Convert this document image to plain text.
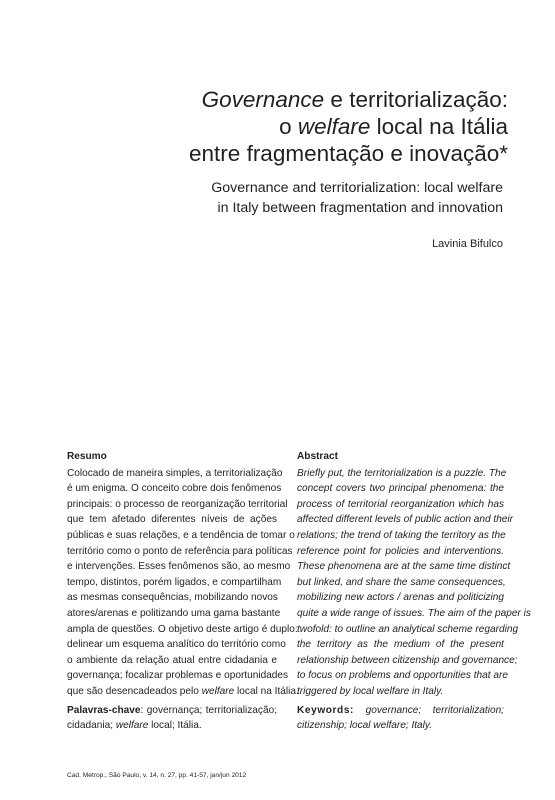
Governance e territorialização:
o welfare local na Itália
entre fragmentação e inovação*
Governance and territorialization: local welfare
in Italy between fragmentation and innovation
Lavinia Bifulco
Resumo
Colocado de maneira simples, a territorialização
é um enigma. O conceito cobre dois fenômenos
principais: o processo de reorganização territorial
que tem afetado diferentes níveis de ações
públicas e suas relações, e a tendência de tomar o
território como o ponto de referência para políticas
e intervenções. Esses fenômenos são, ao mesmo
tempo, distintos, porém ligados, e compartilham
as mesmas consequências, mobilizando novos
atores/arenas e politizando uma gama bastante
ampla de questões. O objetivo deste artigo é duplo:
delinear um esquema analítico do território como
o ambiente da relação atual entre cidadania e
governança; focalizar problemas e oportunidades
que são desencadeados pelo welfare local na Itália.
Palavras-chave: governança; territorialização;
cidadania; welfare local; Itália.
Abstract
Briefly put, the territorialization is a puzzle. The
concept covers two principal phenomena: the
process of territorial reorganization which has
affected different levels of public action and their
relations; the trend of taking the territory as the
reference point for policies and interventions.
These phenomena are at the same time distinct
but linked, and share the same consequences,
mobilizing new actors / arenas and politicizing
quite a wide range of issues. The aim of the paper is
twofold: to outline an analytical scheme regarding
the territory as the medium of the present
relationship between citizenship and governance;
to focus on problems and opportunities that are
triggered by local welfare in Italy.
Keywords: governance; territorialization;
citizenship; local welfare; Italy.
Cad. Metrop., São Paulo, v. 14, n. 27, pp. 41-57, jan/jun 2012
